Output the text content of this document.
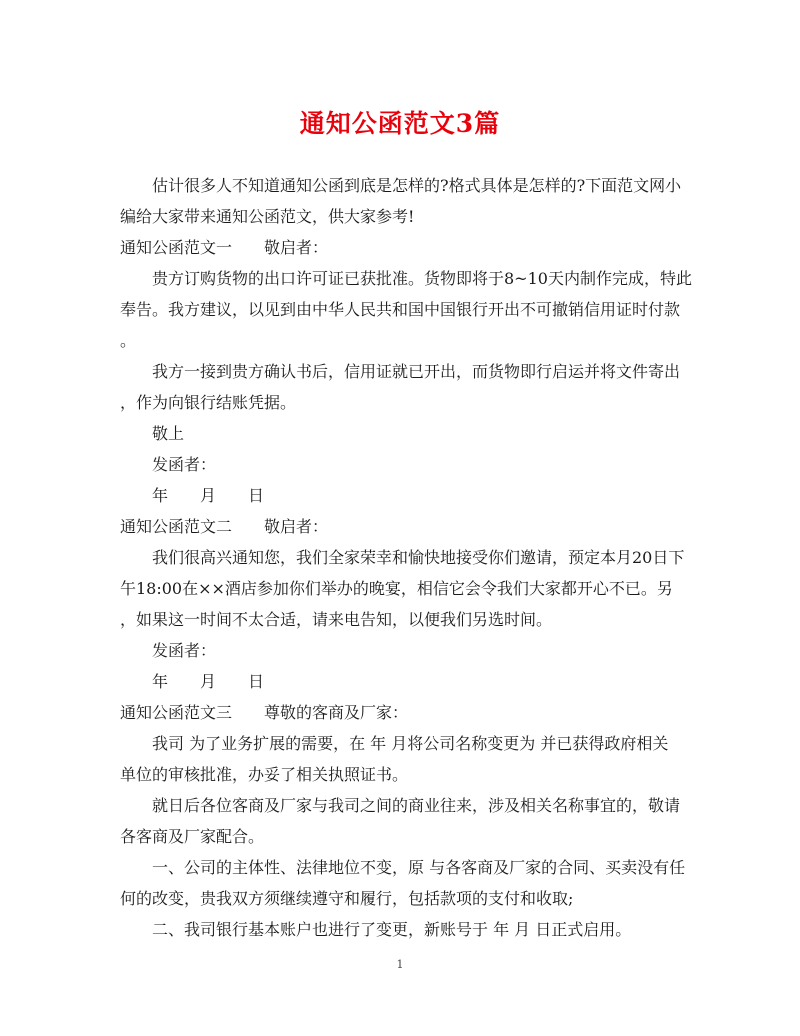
通知公函范文3篇
估计很多人不知道通知公函到底是怎样的?格式具体是怎样的?下面范文网小
编给大家带来通知公函范文，供大家参考!
通知公函范文一　　敬启者：
贵方订购货物的出口许可证已获批准。货物即将于8~10天内制作完成，特此
奉告。我方建议，以见到由中华人民共和国中国银行开出不可撤销信用证时付款
。
我方一接到贵方确认书后，信用证就已开出，而货物即行启运并将文件寄出
，作为向银行结账凭据。
敬上
发函者：
年　　月　　日
通知公函范文二　　敬启者：
我们很高兴通知您，我们全家荣幸和愉快地接受你们邀请，预定本月20日下
午18:00在××酒店参加你们举办的晚宴，相信它会令我们大家都开心不已。另
，如果这一时间不太合适，请来电告知，以便我们另选时间。
发函者：
年　　月　　日
通知公函范文三　　尊敬的客商及厂家：
我司 为了业务扩展的需要，在 年 月将公司名称变更为 并已获得政府相关
单位的审核批准，办妥了相关执照证书。
就日后各位客商及厂家与我司之间的商业往来，涉及相关名称事宜的，敬请
各客商及厂家配合。
一、公司的主体性、法律地位不变，原 与各客商及厂家的合同、买卖没有任
何的改变，贵我双方须继续遵守和履行，包括款项的支付和收取;
二、我司银行基本账户也进行了变更，新账号于 年 月 日正式启用。
1
